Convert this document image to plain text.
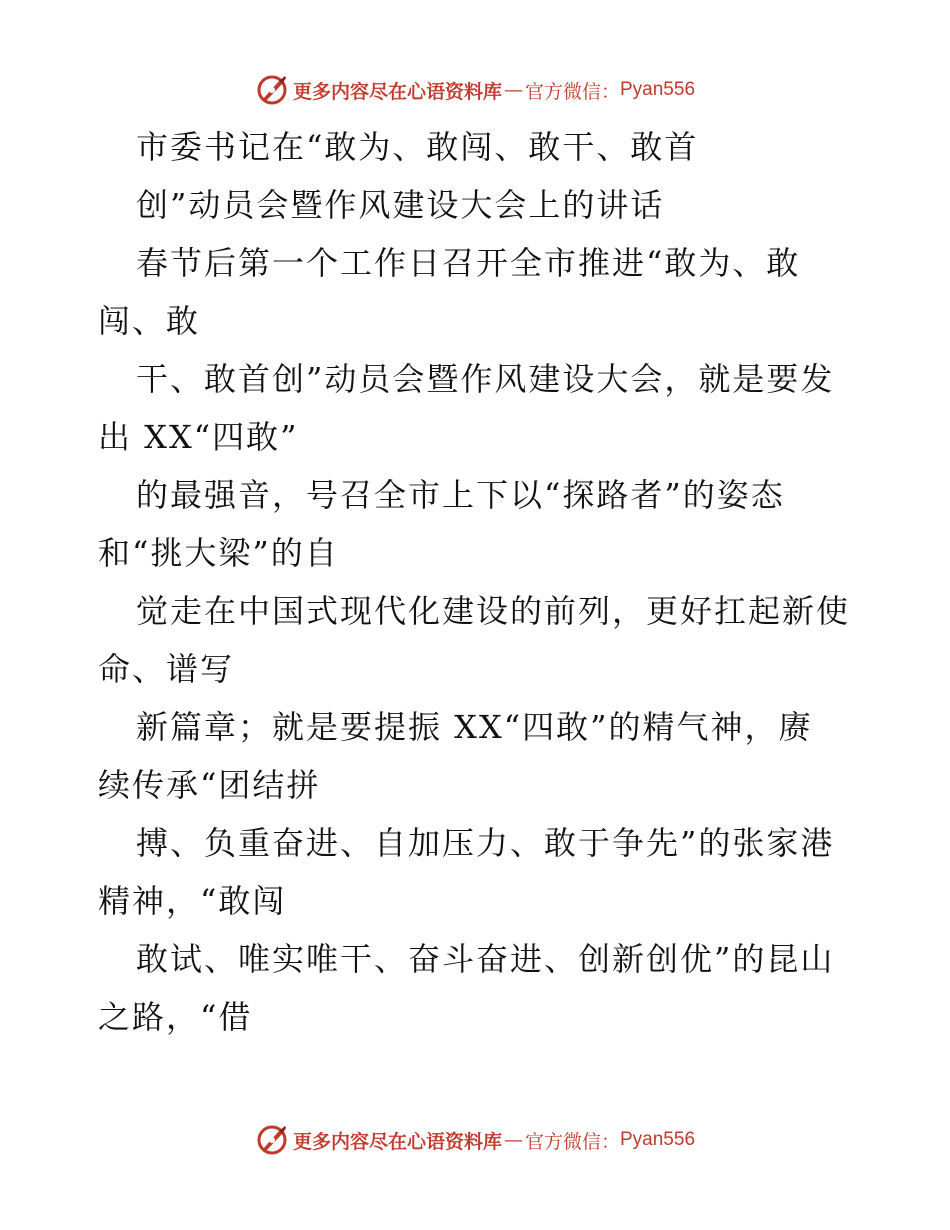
更多内容尽在心语资料库 — 官方微信： Pyan556
市委书记在“敢为、敢闯、敢干、敢首
创”动员会暨作风建设大会上的讲话
春节后第一个工作日召开全市推进“敢为、敢
闯、敢
干、敢首创”动员会暨作风建设大会，就是要发
出 XX“四敢”
的最强音，号召全市上下以“探路者”的姿态
和“挑大梁”的自
觉走在中国式现代化建设的前列，更好扛起新使
命、谱写
新篇章；就是要提振 XX“四敢”的精气神，赓
续传承“团结拼
搏、负重奋进、自加压力、敢于争先”的张家港
精神，“敢闯
敢试、唯实唯干、奋斗奋进、创新创优”的昆山
之路，“借
更多内容尽在心语资料库 — 官方微信： Pyan556
